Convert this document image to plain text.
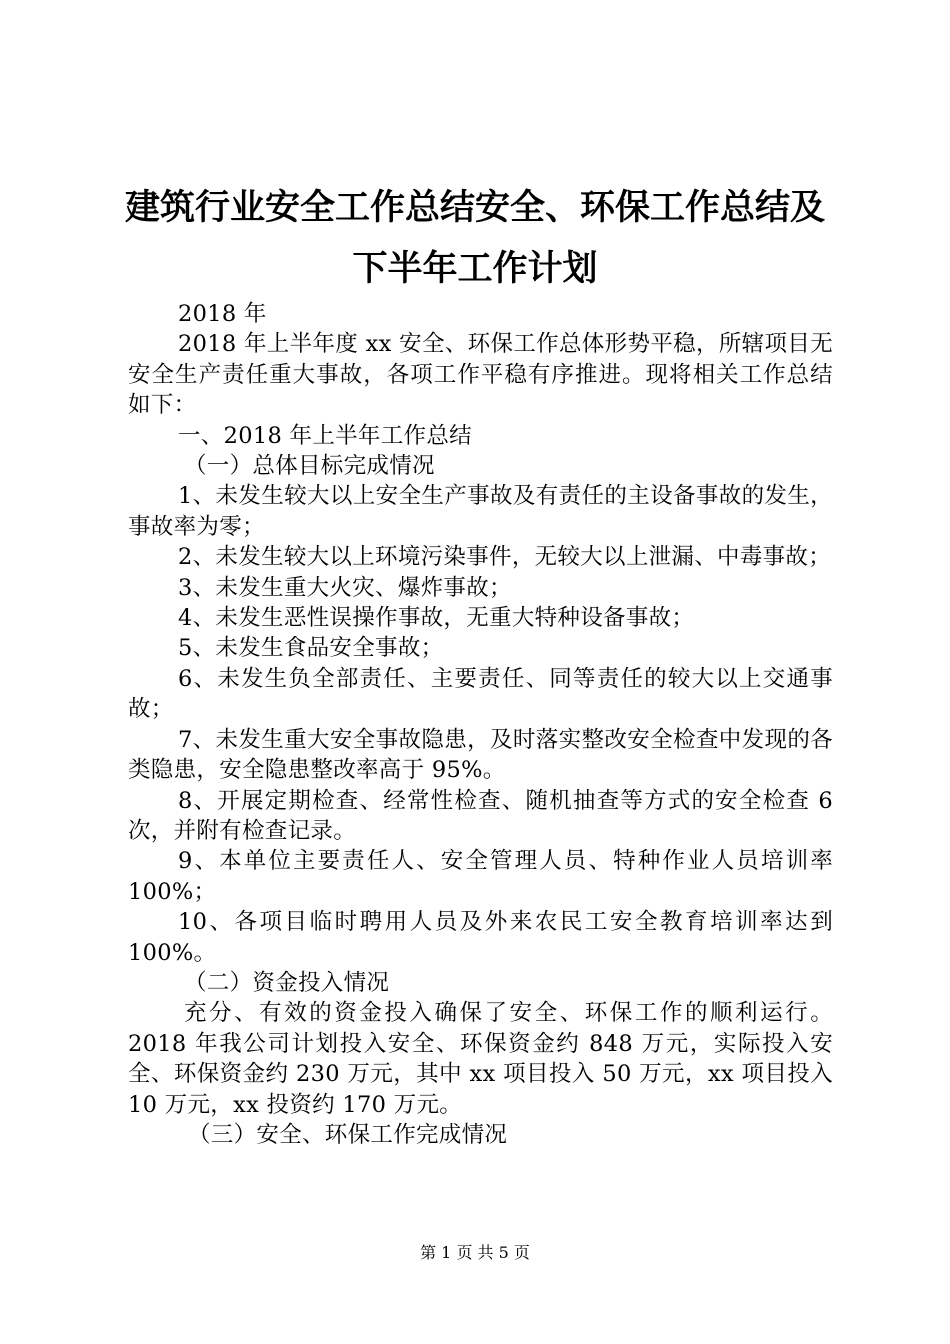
建筑行业安全工作总结安全、环保工作总结及
下半年工作计划

2018 年

2018 年上半年度 xx 安全、环保工作总体形势平稳，所辖项目无安全生产责任重大事故，各项工作平稳有序推进。现将相关工作总结如下：

一、2018 年上半年工作总结

（一）总体目标完成情况

1、未发生较大以上安全生产事故及有责任的主设备事故的发生，事故率为零；

2、未发生较大以上环境污染事件，无较大以上泄漏、中毒事故；

3、未发生重大火灾、爆炸事故；

4、未发生恶性误操作事故，无重大特种设备事故；

5、未发生食品安全事故；

6、未发生负全部责任、主要责任、同等责任的较大以上交通事故；

7、未发生重大安全事故隐患，及时落实整改安全检查中发现的各类隐患，安全隐患整改率高于 95%。

8、开展定期检查、经常性检查、随机抽查等方式的安全检查 6 次，并附有检查记录。

9、本单位主要责任人、安全管理人员、特种作业人员培训率 100%；

10、各项目临时聘用人员及外来农民工安全教育培训率达到 100%。

（二）资金投入情况

充分、有效的资金投入确保了安全、环保工作的顺利运行。2018 年我公司计划投入安全、环保资金约 848 万元，实际投入安全、环保资金约 230 万元，其中 xx 项目投入 50 万元，xx 项目投入 10 万元，xx 投资约 170 万元。

（三）安全、环保工作完成情况

第 1 页 共 5 页
